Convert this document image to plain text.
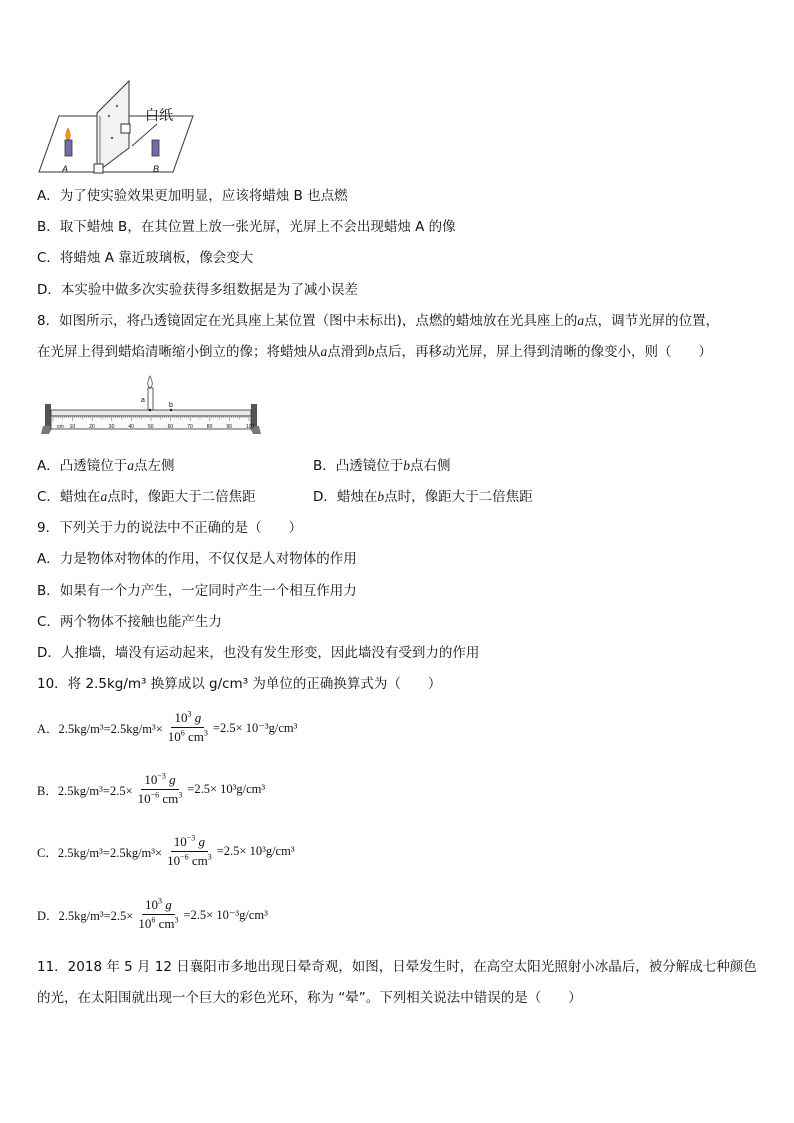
白纸
A	B
A．为了使实验效果更加明显，应该将蜡烛 B 也点燃
B．取下蜡烛 B，在其位置上放一张光屏，光屏上不会出现蜡烛 A 的像
C．将蜡烛 A 靠近玻璃板，像会变大
D．本实验中做多次实验获得多组数据是为了减小误差
8．如图所示，将凸透镜固定在光具座上某位置（图中未标出)，点燃的蜡烛放在光具座上的a点，调节光屏的位置，
在光屏上得到蜡焰清晰缩小倒立的像；将蜡烛从a点滑到b点后，再移动光屏，屏上得到清晰的像变小，则（　　）
10	20	30	40	50	60	70	80	90	100
cm
a
b
A．凸透镜位于a点左侧	B．凸透镜位于b点右侧
C．蜡烛在a点时，像距大于二倍焦距	D．蜡烛在b点时，像距大于二倍焦距
9．下列关于力的说法中不正确的是（　　）
A．力是物体对物体的作用，不仅仅是人对物体的作用
B．如果有一个力产生，一定同时产生一个相互作用力
C．两个物体不接触也能产生力
D．人推墙，墙没有运动起来，也没有发生形变，因此墙没有受到力的作用
10．将 2.5kg/m³ 换算成以 g/cm³ 为单位的正确换算式为（　　）
A．$2.5kg/m^3=2.5kg/m^3\times \frac{10^3 g}{10^6 cm^3} =2.5\times 10^{-3}g/cm^3$
B．$2.5kg/m^3=2.5\times \frac{10^{-3} g}{10^{-6} cm^3} =2.5\times 10^3g/cm^3$
C．$2.5kg/m^3=2.5kg/m^3\times \frac{10^{-3} g}{10^{-6} cm^3} =2.5\times 10^3g/cm^3$
D．$2.5kg/m^3=2.5\times \frac{10^3 g}{10^6 cm^3} =2.5\times 10^{-3}g/cm^3$
11．2018 年 5 月 12 日襄阳市多地出现日晕奇观，如图，日晕发生时，在高空太阳光照射小冰晶后，被分解成七种颜色
的光，在太阳围就出现一个巨大的彩色光环，称为 “晕”。下列相关说法中错误的是（　　）
